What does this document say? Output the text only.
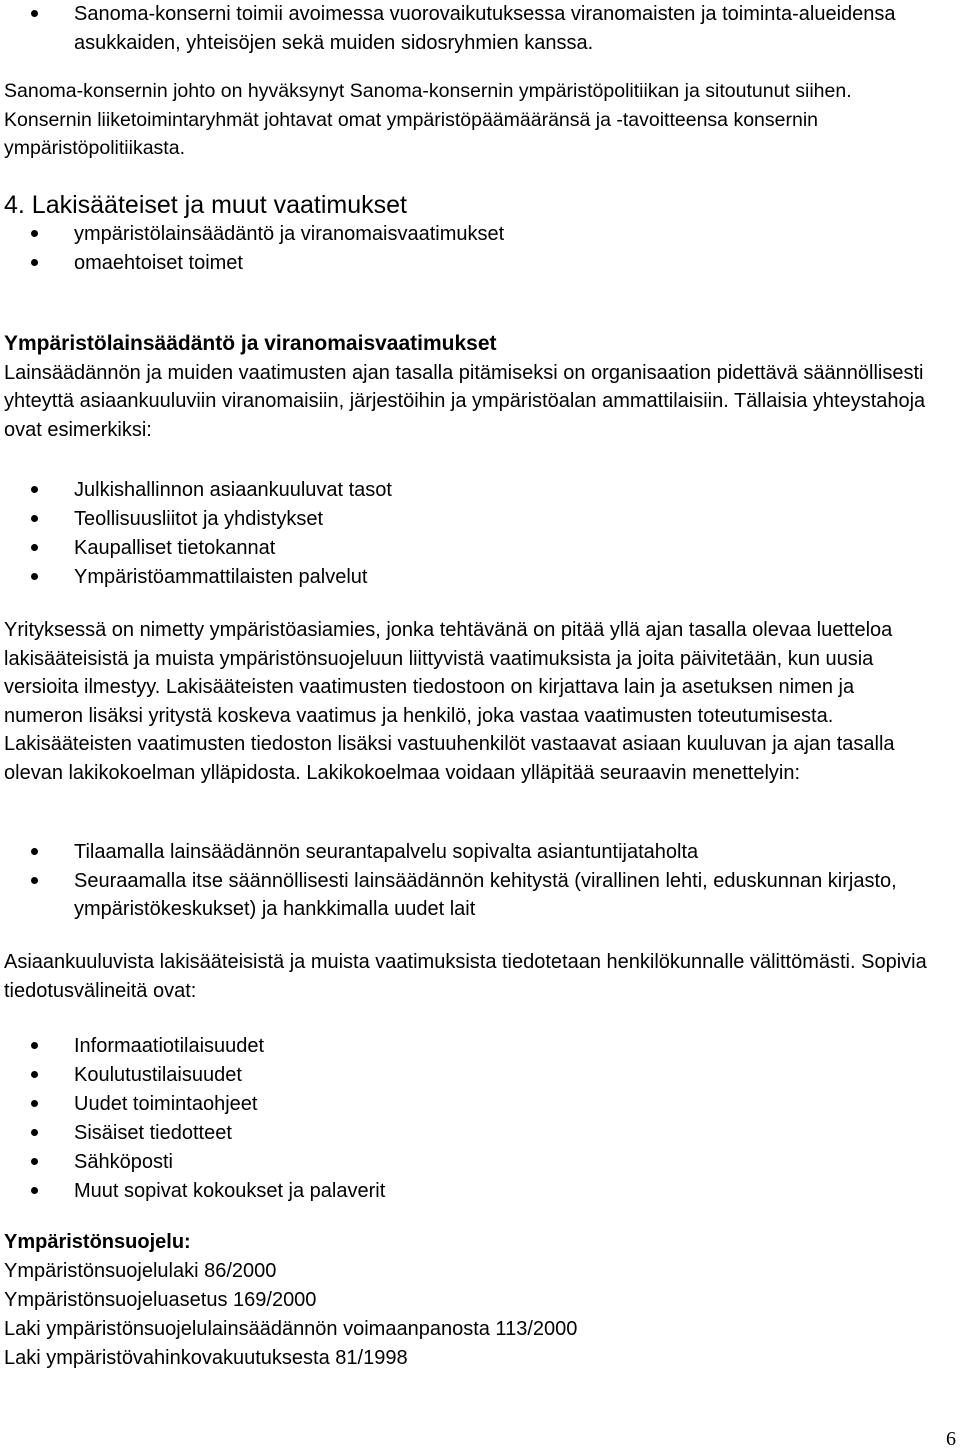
Sanoma-konserni toimii avoimessa vuorovaikutuksessa viranomaisten ja toiminta-alueidensa asukkaiden, yhteisöjen sekä muiden sidosryhmien kanssa.

Sanoma-konsernin johto on hyväksynyt Sanoma-konsernin ympäristöpolitiikan ja sitoutunut siihen. Konsernin liiketoimintaryhmät johtavat omat ympäristöpäämääränsä ja -tavoitteensa konsernin ympäristöpolitiikasta.

4. Lakisääteiset ja muut vaatimukset
ympäristölainsäädäntö ja viranomaisvaatimukset
omaehtoiset toimet
Ympäristölainsäädäntö ja viranomaisvaatimukset

Lainsäädännön ja muiden vaatimusten ajan tasalla pitämiseksi on organisaation pidettävä säännöllisesti yhteyttä asiaankuuluviin viranomaisiin, järjestöihin ja ympäristöalan ammattilaisiin. Tällaisia yhteystahoja ovat esimerkiksi:

Julkishallinnon asiaankuuluvat tasot
Teollisuusliitot ja yhdistykset
Kaupalliset tietokannat
Ympäristöammattilaisten palvelut

Yrityksessä on nimetty ympäristöasiamies, jonka tehtävänä on pitää yllä ajan tasalla olevaa luetteloa lakisääteisistä ja muista ympäristönsuojeluun liittyvistä vaatimuksista ja joita päivitetään, kun uusia versioita ilmestyy. Lakisääteisten vaatimusten tiedostoon on kirjattava lain ja asetuksen nimen ja numeron lisäksi yritystä koskeva vaatimus ja henkilö, joka vastaa vaatimusten toteutumisesta. Lakisääteisten vaatimusten tiedoston lisäksi vastuuhenkilöt vastaavat asiaan kuuluvan ja ajan tasalla olevan lakikokoelman ylläpidosta. Lakikokoelmaa voidaan ylläpitää seuraavin menettelyin:

Tilaamalla lainsäädännön seurantapalvelu sopivalta asiantuntijataholta
Seuraamalla itse säännöllisesti lainsäädännön kehitystä (virallinen lehti, eduskunnan kirjasto, ympäristökeskukset) ja hankkimalla uudet lait

Asiaankuuluvista lakisääteisistä ja muista vaatimuksista tiedotetaan henkilökunnalle välittömästi. Sopivia tiedotusvälineitä ovat:

Informaatiotilaisuudet
Koulutustilaisuudet
Uudet toimintaohjeet
Sisäiset tiedotteet
Sähköposti
Muut sopivat kokoukset ja palaverit
Ympäristönsuojelu:
Ympäristönsuojelulaki 86/2000
Ympäristönsuojeluasetus 169/2000
Laki ympäristönsuojelulainsäädännön voimaanpanosta 113/2000
Laki ympäristövahinkovakuutuksesta 81/1998
6
